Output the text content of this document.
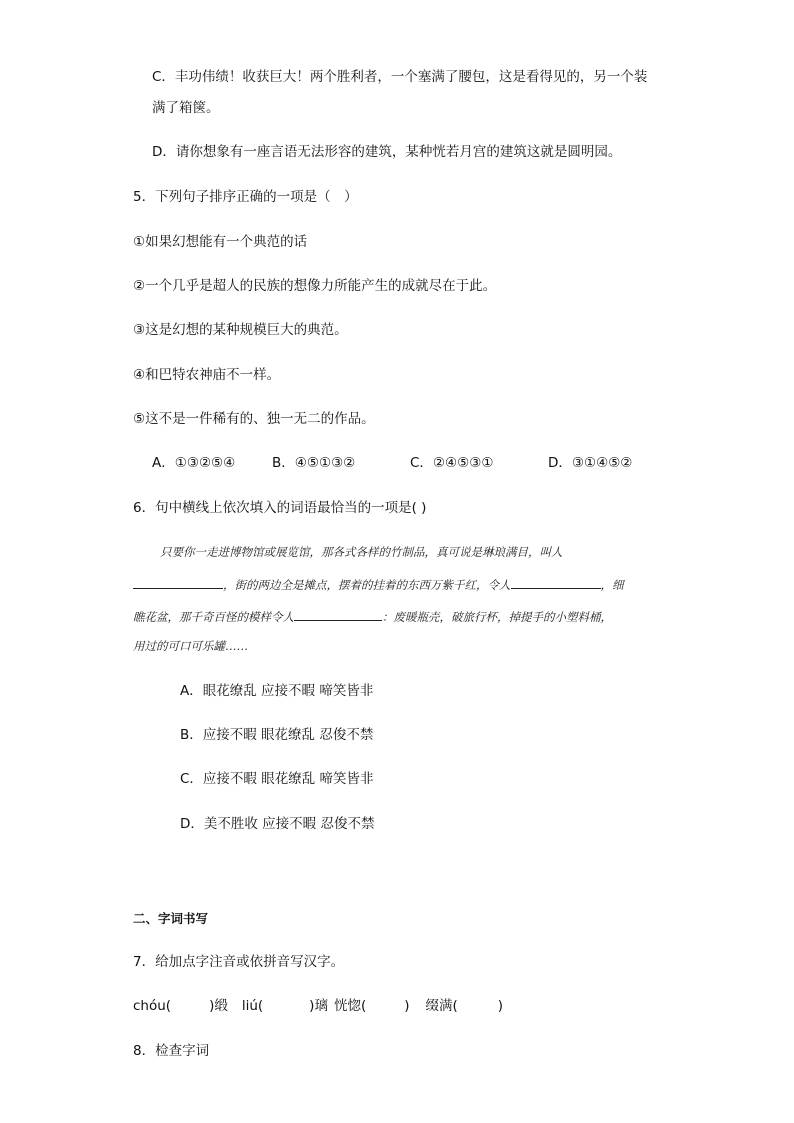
C．丰功伟绩！收获巨大！两个胜利者，一个塞满了腰包，这是看得见的，另一个装
满了箱箧。
D．请你想象有一座言语无法形容的建筑，某种恍若月宫的建筑这就是圆明园。
5．下列句子排序正确的一项是（　）
①如果幻想能有一个典范的话
②一个几乎是超人的民族的想像力所能产生的成就尽在于此。
③这是幻想的某种规模巨大的典范。
④和巴特农神庙不一样。
⑤这不是一件稀有的、独一无二的作品。
A．①③②⑤④	B．④⑤①③②	C．②④⑤③①	D．③①④⑤②
6．句中横线上依次填入的词语最恰当的一项是( )
只要你一走进博物馆或展览馆，那各式各样的竹制品，真可说是琳琅满目，叫人
，街的两边全是摊点，摆着的挂着的东西万紫千红，令人	，细
瞧花盆，那千奇百怪的模样令人	：废暖瓶壳，破旅行杯，掉提手的小塑料桶，
用过的可口可乐罐……
A．眼花缭乱 应接不暇 啼笑皆非
B．应接不暇 眼花缭乱 忍俊不禁
C．应接不暇 眼花缭乱 啼笑皆非
D．美不胜收 应接不暇 忍俊不禁
二、字词书写
7．给加点字注音或依拼音写汉字。
chóu(	)缎 liú(	)璃 恍惚(	) 缀满(	)
8．检查字词
